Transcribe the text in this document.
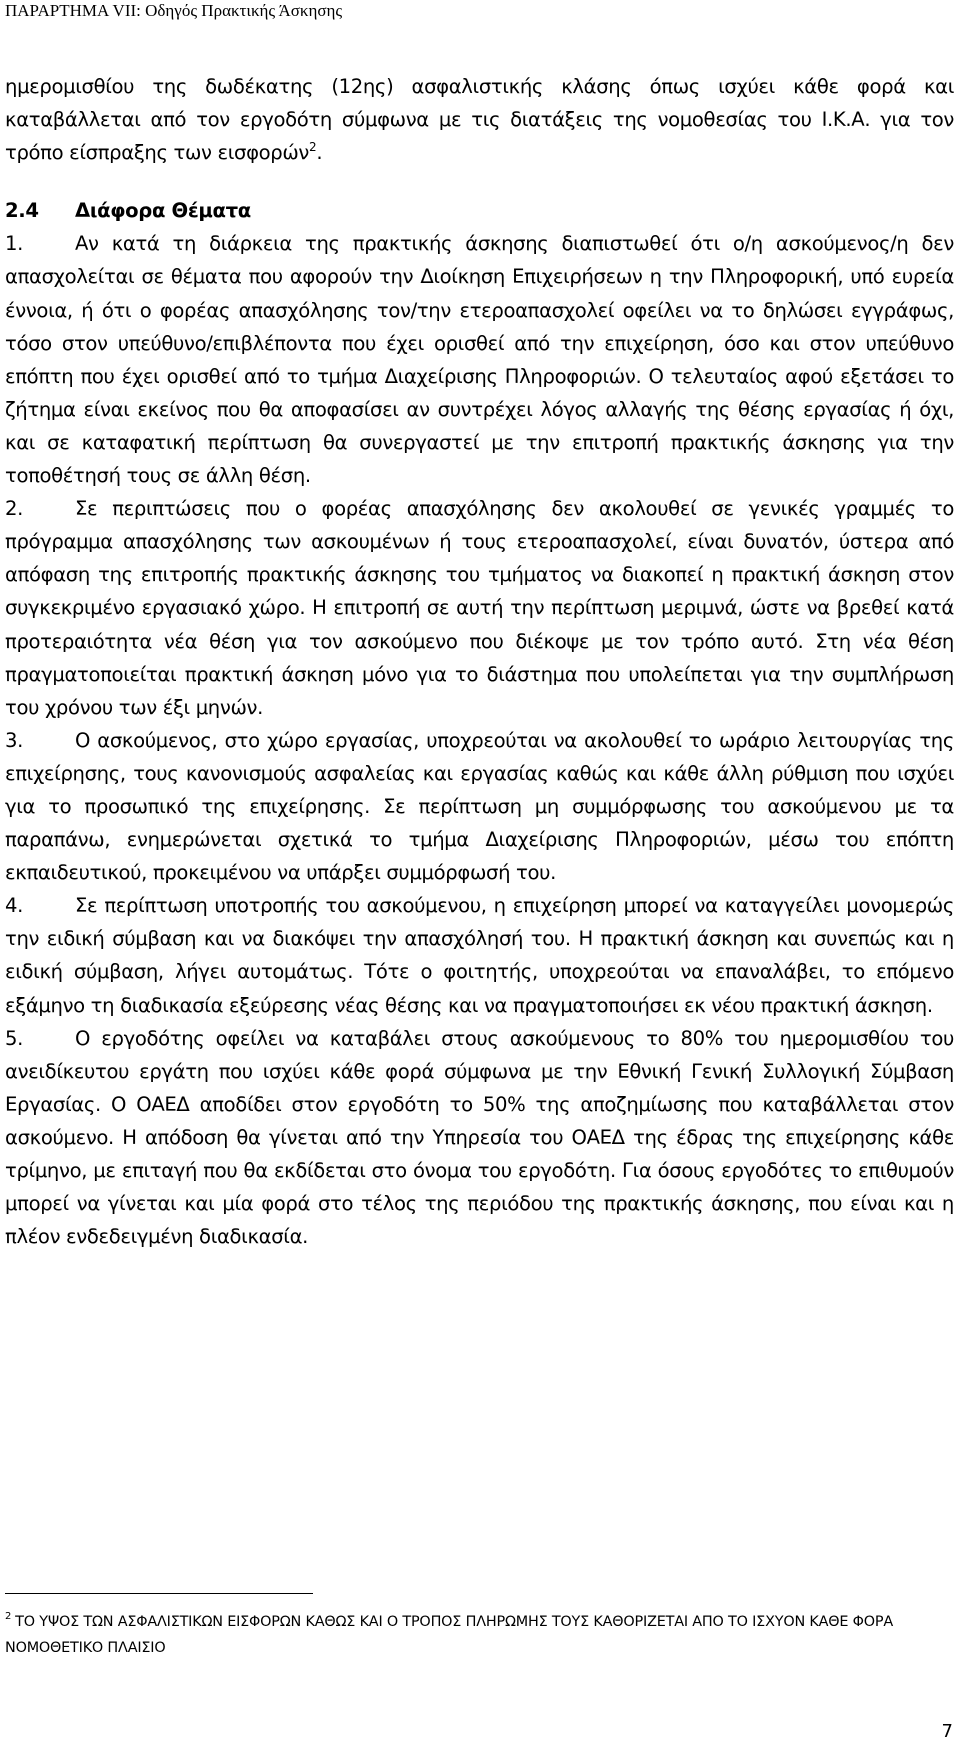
ΠΑΡΑΡΤΗΜΑ VII: Οδηγός Πρακτικής Άσκησης

ημερομισθίου της δωδέκατης (12ης) ασφαλιστικής κλάσης όπως ισχύει κάθε φορά και καταβάλλεται από τον εργοδότη σύμφωνα με τις διατάξεις της νομοθεσίας του Ι.Κ.Α. για τον τρόπο είσπραξης των εισφορών$^2$.

2.4 Διάφορα Θέματα

1.	Αν κατά τη διάρκεια της πρακτικής άσκησης διαπιστωθεί ότι ο/η ασκούμενος/η δεν απασχολείται σε θέματα που αφορούν την Διοίκηση Επιχειρήσεων η την Πληροφορική, υπό ευρεία έννοια, ή ότι ο φορέας απασχόλησης τον/την ετεροαπασχολεί οφείλει να το δηλώσει εγγράφως, τόσο στον υπεύθυνο/επιβλέποντα που έχει ορισθεί από την επιχείρηση, όσο και στον υπεύθυνο επόπτη που έχει ορισθεί από το τμήμα Διαχείρισης Πληροφοριών. Ο τελευταίος αφού εξετάσει το ζήτημα είναι εκείνος που θα αποφασίσει αν συντρέχει λόγος αλλαγής της θέσης εργασίας ή όχι, και σε καταφατική περίπτωση θα συνεργαστεί με την επιτροπή πρακτικής άσκησης για την τοποθέτησή τους σε άλλη θέση.

2.	Σε περιπτώσεις που ο φορέας απασχόλησης δεν ακολουθεί σε γενικές γραμμές το πρόγραμμα απασχόλησης των ασκουμένων ή τους ετεροαπασχολεί, είναι δυνατόν, ύστερα από απόφαση της επιτροπής πρακτικής άσκησης του τμήματος να διακοπεί η πρακτική άσκηση στον συγκεκριμένο εργασιακό χώρο. Η επιτροπή σε αυτή την περίπτωση μεριμνά, ώστε να βρεθεί κατά προτεραιότητα νέα θέση για τον ασκούμενο που διέκοψε με τον τρόπο αυτό. Στη νέα θέση πραγματοποιείται πρακτική άσκηση μόνο για το διάστημα που υπολείπεται για την συμπλήρωση του χρόνου των έξι μηνών.

3.	Ο ασκούμενος, στο χώρο εργασίας, υποχρεούται να ακολουθεί το ωράριο λειτουργίας της επιχείρησης, τους κανονισμούς ασφαλείας και εργασίας καθώς και κάθε άλλη ρύθμιση που ισχύει για το προσωπικό της επιχείρησης. Σε περίπτωση μη συμμόρφωσης του ασκούμενου με τα παραπάνω, ενημερώνεται σχετικά το τμήμα Διαχείρισης Πληροφοριών, μέσω του επόπτη εκπαιδευτικού, προκειμένου να υπάρξει συμμόρφωσή του.

4.	Σε περίπτωση υποτροπής του ασκούμενου, η επιχείρηση μπορεί να καταγγείλει μονομερώς την ειδική σύμβαση και να διακόψει την απασχόλησή του. Η πρακτική άσκηση και συνεπώς και η ειδική σύμβαση, λήγει αυτομάτως. Τότε ο φοιτητής, υποχρεούται να επαναλάβει, το επόμενο εξάμηνο τη διαδικασία εξεύρεσης νέας θέσης και να πραγματοποιήσει εκ νέου πρακτική άσκηση.

5.	Ο εργοδότης οφείλει να καταβάλει στους ασκούμενους το 80% του ημερομισθίου του ανειδίκευτου εργάτη που ισχύει κάθε φορά σύμφωνα με την Εθνική Γενική Συλλογική Σύμβαση Εργασίας. Ο ΟΑΕΔ αποδίδει στον εργοδότη το 50% της αποζημίωσης που καταβάλλεται στον ασκούμενο. Η απόδοση θα γίνεται από την Υπηρεσία του ΟΑΕΔ της έδρας της επιχείρησης κάθε τρίμηνο, με επιταγή που θα εκδίδεται στο όνομα του εργοδότη. Για όσους εργοδότες το επιθυμούν μπορεί να γίνεται και μία φορά στο τέλος της περιόδου της πρακτικής άσκησης, που είναι και η πλέον ενδεδειγμένη διαδικασία.

$^2$ ΤΟ ΥΨΟΣ ΤΩΝ ΑΣΦΑΛΙΣΤΙΚΩΝ ΕΙΣΦΟΡΩΝ ΚΑΘΩΣ ΚΑΙ Ο ΤΡΟΠΟΣ ΠΛΗΡΩΜΗΣ ΤΟΥΣ ΚΑΘΟΡΙΖΕΤΑΙ ΑΠΟ ΤΟ ΙΣΧΥΟΝ ΚΑΘΕ ΦΟΡΑ ΝΟΜΟΘΕΤΙΚΟ ΠΛΑΙΣΙΟ
7
